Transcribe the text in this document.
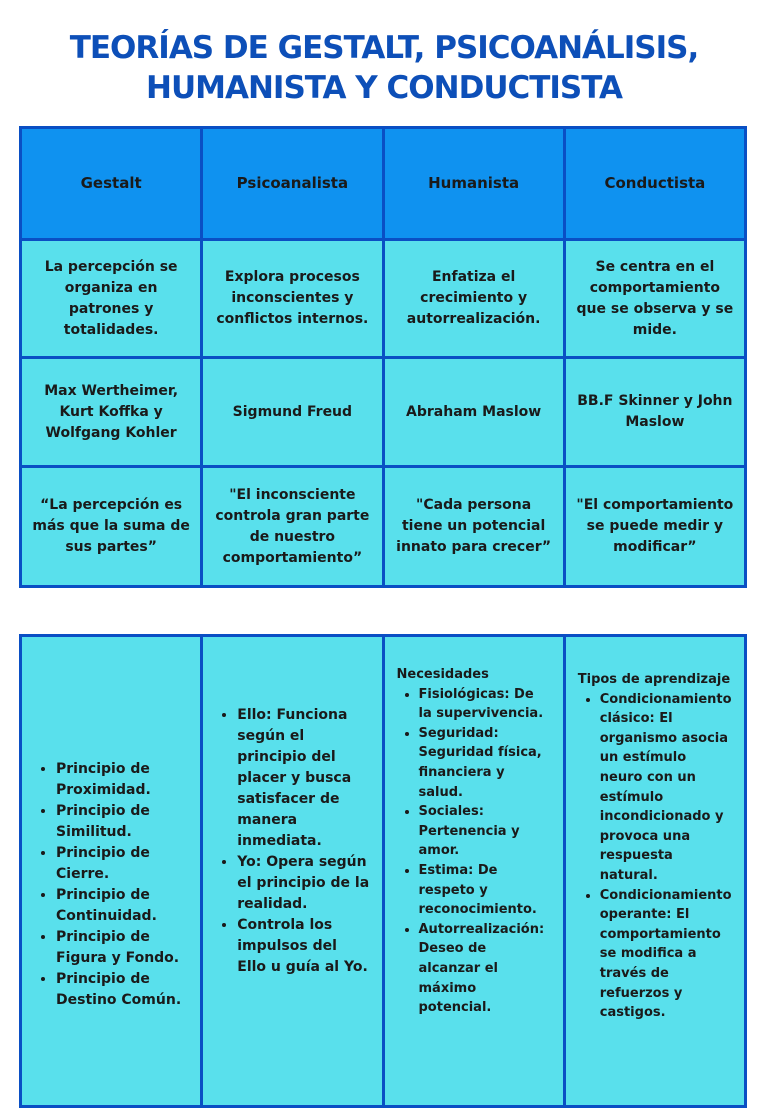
TEORÍAS DE GESTALT, PSICOANÁLISIS,
HUMANISTA Y CONDUCTISTA
Gestalt	Psicoanalista	Humanista	Conductista
La percepción se organiza en patrones y totalidades.	Explora procesos inconscientes y conflictos internos.	Enfatiza el crecimiento y autorrealización.	Se centra en el comportamiento que se observa y se mide.
Max Wertheimer, Kurt Koffka y Wolfgang Kohler	Sigmund Freud	Abraham Maslow	BB.F Skinner y John Maslow
“La percepción es más que la suma de sus partes”	"El inconsciente controla gran parte de nuestro comportamiento”	"Cada persona tiene un potencial innato para crecer”	"El comportamiento se puede medir y modificar”
• Principio de Proximidad.
• Principio de Similitud.
• Principio de Cierre.
• Principio de Continuidad.
• Principio de Figura y Fondo.
• Principio de Destino Común.

• Ello: Funciona según el principio del placer y busca satisfacer de manera inmediata.
• Yo: Opera según el principio de la realidad.
• Controla los impulsos del Ello u guía al Yo.

Necesidades
• Fisiológicas: De la supervivencia.
• Seguridad: Seguridad física, financiera y salud.
• Sociales: Pertenencia y amor.
• Estima: De respeto y reconocimiento.
• Autorrealización: Deseo de alcanzar el máximo potencial.

Tipos de aprendizaje
• Condicionamiento clásico: El organismo asocia un estímulo neuro con un estímulo incondicionado y provoca una respuesta natural.
• Condicionamiento operante: El comportamiento se modifica a través de refuerzos y castigos.
